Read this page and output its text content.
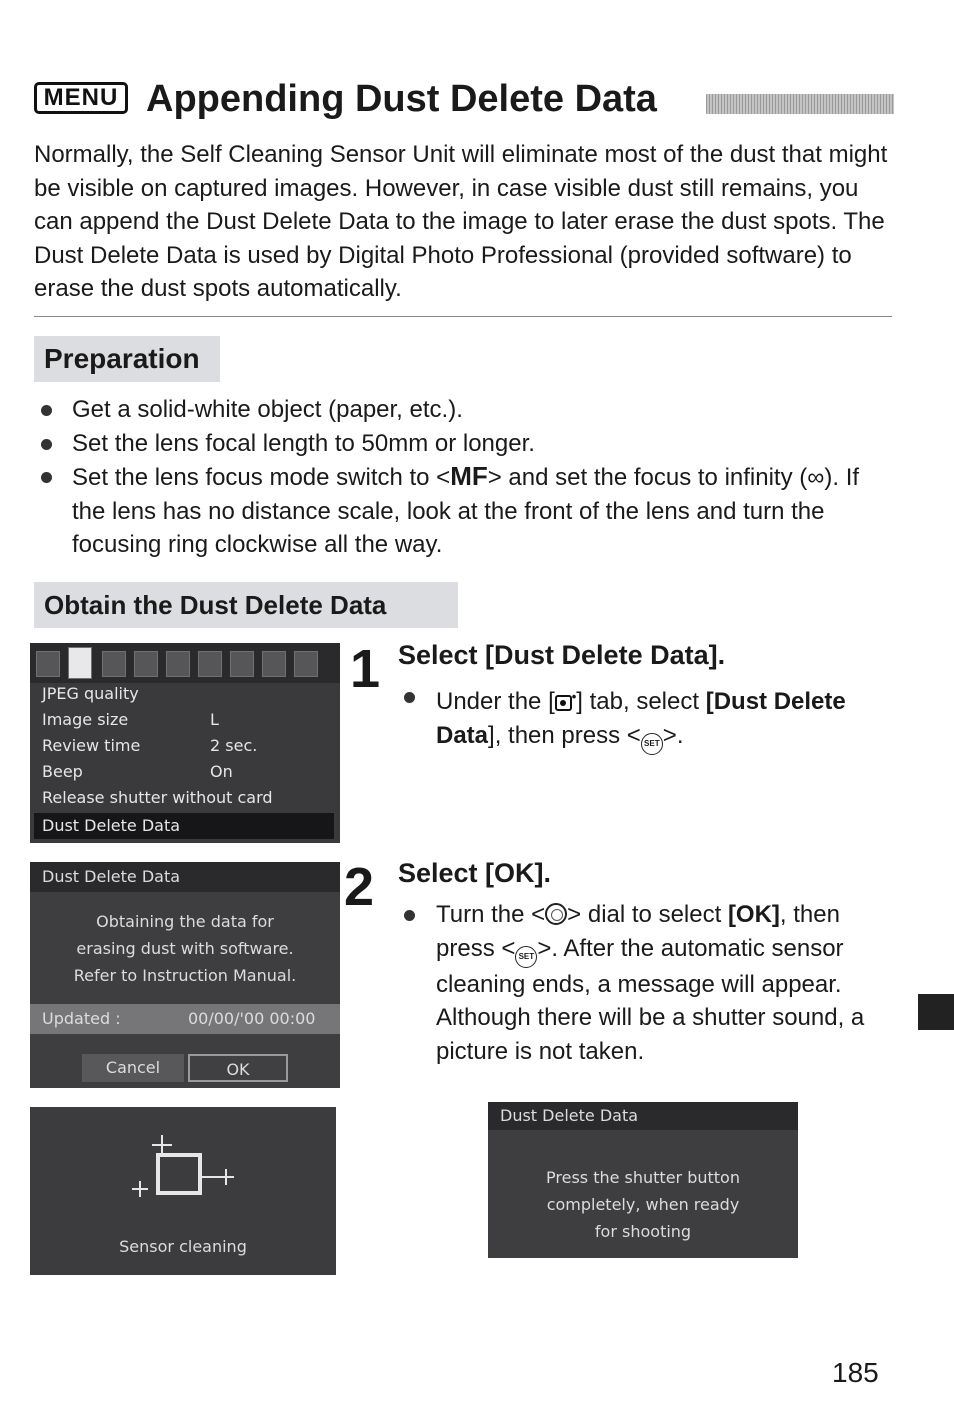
MENU Appending Dust Delete Data

Normally, the Self Cleaning Sensor Unit will eliminate most of the dust that might be visible on captured images. However, in case visible dust still remains, you can append the Dust Delete Data to the image to later erase the dust spots. The Dust Delete Data is used by Digital Photo Professional (provided software) to erase the dust spots automatically.

Preparation
Get a solid-white object (paper, etc.).
Set the lens focal length to 50mm or longer.
Set the lens focus mode switch to <MF> and set the focus to infinity (∞). If the lens has no distance scale, look at the front of the lens and turn the focusing ring clockwise all the way.
Obtain the Dust Delete Data
1 Select [Dust Delete Data].
Under the [ •] tab, select [Dust Delete Data], then press < SET >.
2 Select [OK].
Turn the < > dial to select [OK], then press < SET >. After the automatic sensor cleaning ends, a message will appear. Although there will be a shutter sound, a picture is not taken.
JPEG quality
Image size	L
Review time	2 sec.
Beep	On
Release shutter without card
Dust Delete Data
Dust Delete Data
Obtaining the data for
erasing dust with software.
Refer to Instruction Manual.
Updated :	00/00/'00 00:00
Cancel	OK
Sensor cleaning
Dust Delete Data
Press the shutter button
completely, when ready
for shooting
185
